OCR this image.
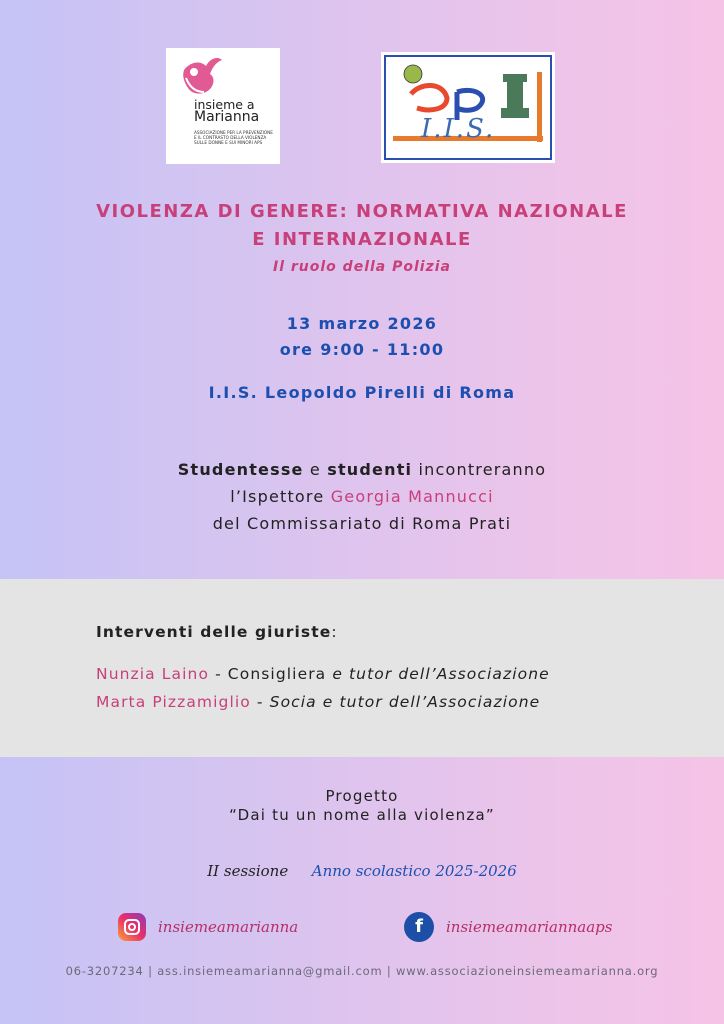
insieme a
Marianna
ASSOCIAZIONE PER LA PREVENZIONE E IL CONTRASTO DELLA VIOLENZA SULLE DONNE E SUI MINORI APS	I.I.S.
VIOLENZA DI GENERE: NORMATIVA NAZIONALE
E INTERNAZIONALE
Il ruolo della Polizia
13 marzo 2026
ore 9:00 - 11:00
I.I.S. Leopoldo Pirelli di Roma
Studentesse e studenti incontreranno
l’Ispettore Georgia Mannucci
del Commissariato di Roma Prati
Interventi delle giuriste:
Nunzia Laino - Consigliera e tutor dell’Associazione
Marta Pizzamiglio - Socia e tutor dell’Associazione
Progetto
“Dai tu un nome alla violenza”
II sessione Anno scolastico 2025-2026
insiemeamarianna	f	insiemeamariannaaps
06-3207234 | ass.insiemeamarianna@gmail.com | www.associazioneinsiemeamarianna.org
